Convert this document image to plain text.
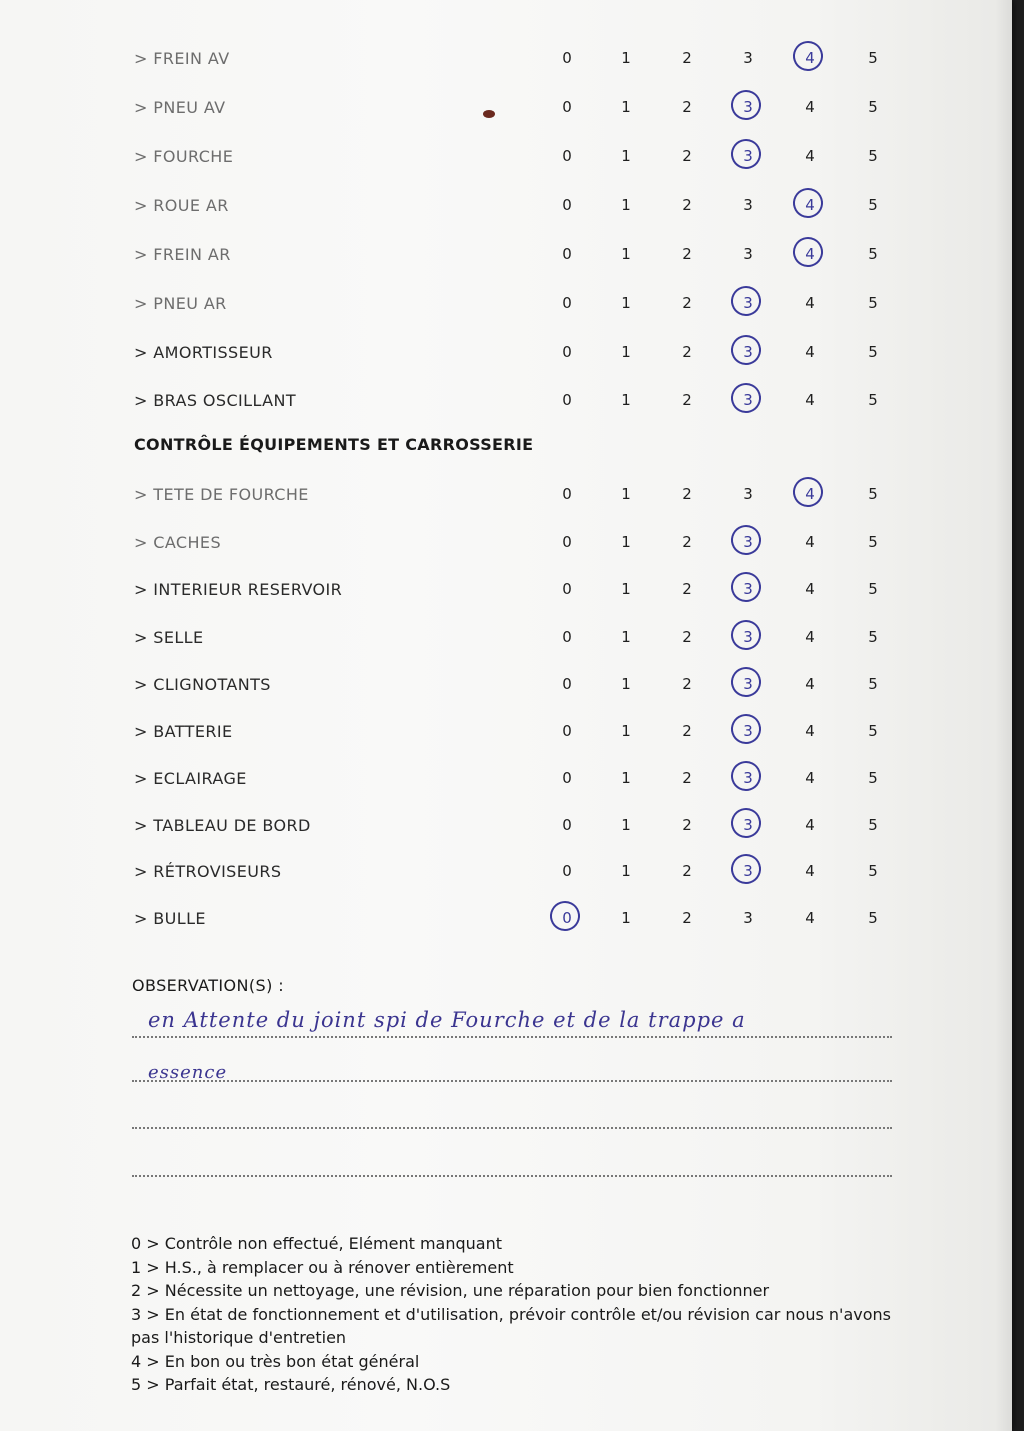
> FREIN AV	0	1	2	3	4	5
> PNEU AV	0	1	2	3	4	5
> FOURCHE	0	1	2	3	4	5
> ROUE AR	0	1	2	3	4	5
> FREIN AR	0	1	2	3	4	5
> PNEU AR	0	1	2	3	4	5
> AMORTISSEUR	0	1	2	3	4	5
> BRAS OSCILLANT	0	1	2	3	4	5
> TETE DE FOURCHE	0	1	2	3	4	5
> CACHES	0	1	2	3	4	5
> INTERIEUR RESERVOIR	0	1	2	3	4	5
> SELLE	0	1	2	3	4	5
> CLIGNOTANTS	0	1	2	3	4	5
> BATTERIE	0	1	2	3	4	5
> ECLAIRAGE	0	1	2	3	4	5
> TABLEAU DE BORD	0	1	2	3	4	5
> RÉTROVISEURS	0	1	2	3	4	5
> BULLE	0	1	2	3	4	5
CONTRÔLE ÉQUIPEMENTS ET CARROSSERIE
OBSERVATION(S) :
en Attente du joint spi de Fourche et de la trappe a
essence
0 > Contrôle non effectué, Elément manquant
1 > H.S., à remplacer ou à rénover entièrement
2 > Nécessite un nettoyage, une révision, une réparation pour bien fonctionner
3 > En état de fonctionnement et d'utilisation, prévoir contrôle et/ou révision car nous n'avons pas l'historique d'entretien
4 > En bon ou très bon état général
5 > Parfait état, restauré, rénové, N.O.S
